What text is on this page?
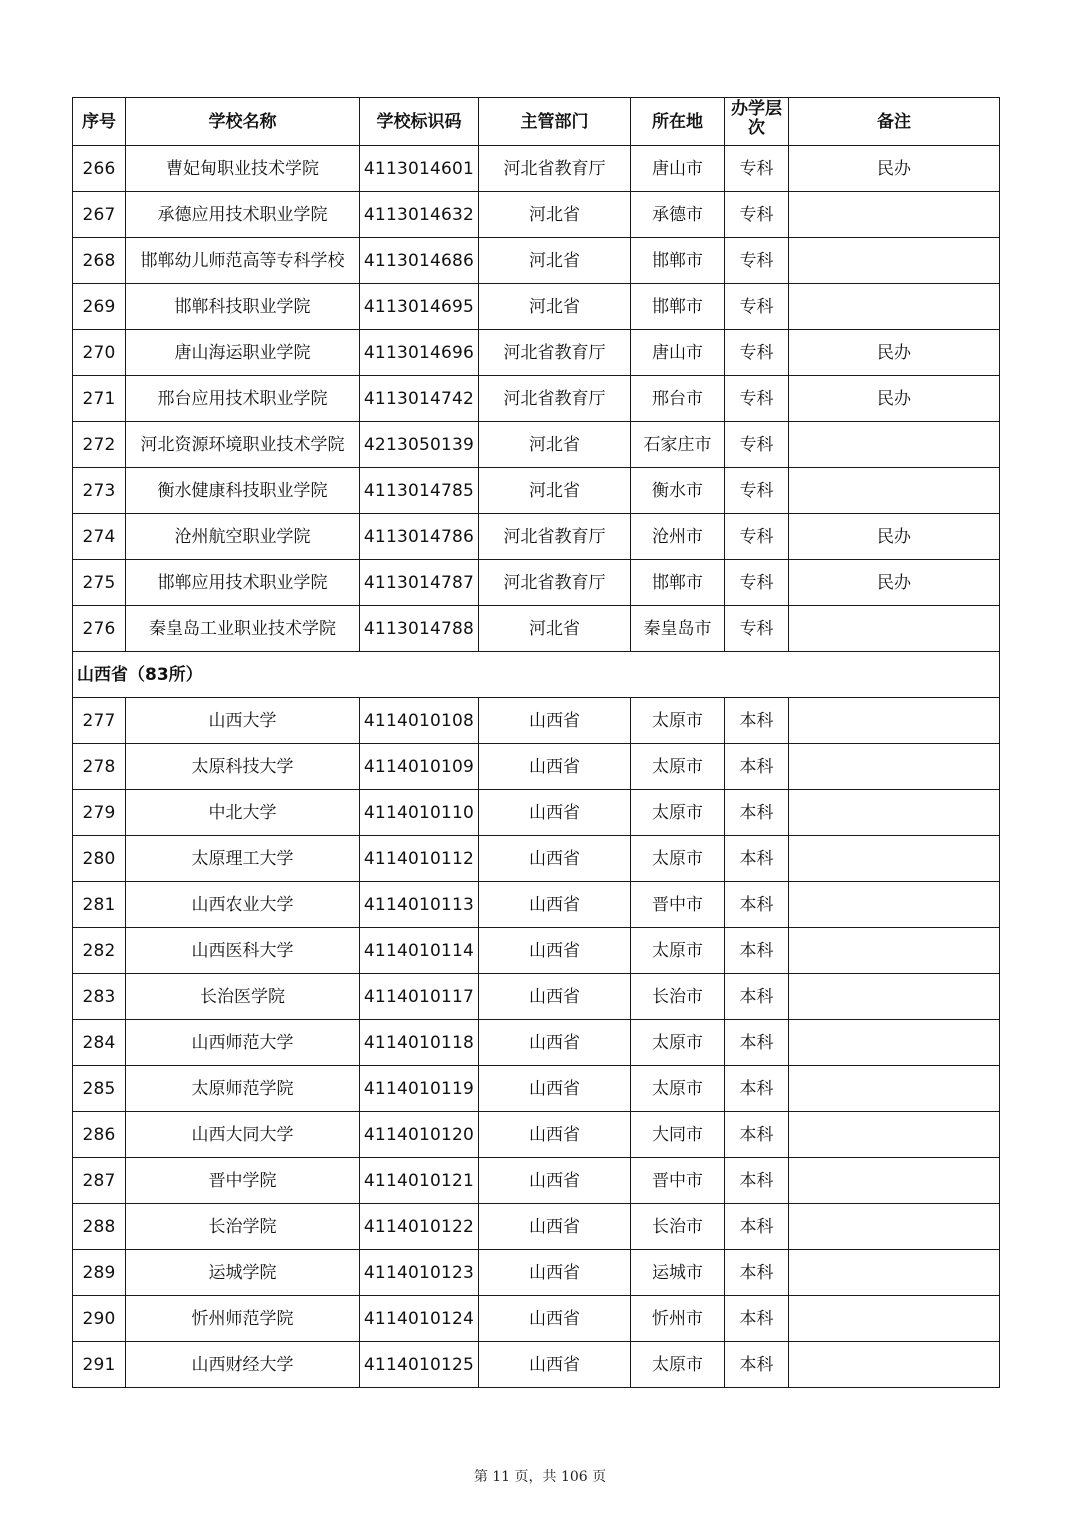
序号	学校名称	学校标识码	主管部门	所在地	办学层次	备注
266	曹妃甸职业技术学院	4113014601	河北省教育厅	唐山市	专科	民办
267	承德应用技术职业学院	4113014632	河北省	承德市	专科	
268	邯郸幼儿师范高等专科学校	4113014686	河北省	邯郸市	专科	
269	邯郸科技职业学院	4113014695	河北省	邯郸市	专科	
270	唐山海运职业学院	4113014696	河北省教育厅	唐山市	专科	民办
271	邢台应用技术职业学院	4113014742	河北省教育厅	邢台市	专科	民办
272	河北资源环境职业技术学院	4213050139	河北省	石家庄市	专科	
273	衡水健康科技职业学院	4113014785	河北省	衡水市	专科	
274	沧州航空职业学院	4113014786	河北省教育厅	沧州市	专科	民办
275	邯郸应用技术职业学院	4113014787	河北省教育厅	邯郸市	专科	民办
276	秦皇岛工业职业技术学院	4113014788	河北省	秦皇岛市	专科	
山西省（83所）						
277	山西大学	4114010108	山西省	太原市	本科	
278	太原科技大学	4114010109	山西省	太原市	本科	
279	中北大学	4114010110	山西省	太原市	本科	
280	太原理工大学	4114010112	山西省	太原市	本科	
281	山西农业大学	4114010113	山西省	晋中市	本科	
282	山西医科大学	4114010114	山西省	太原市	本科	
283	长治医学院	4114010117	山西省	长治市	本科	
284	山西师范大学	4114010118	山西省	太原市	本科	
285	太原师范学院	4114010119	山西省	太原市	本科	
286	山西大同大学	4114010120	山西省	大同市	本科	
287	晋中学院	4114010121	山西省	晋中市	本科	
288	长治学院	4114010122	山西省	长治市	本科	
289	运城学院	4114010123	山西省	运城市	本科	
290	忻州师范学院	4114010124	山西省	忻州市	本科	
291	山西财经大学	4114010125	山西省	太原市	本科	
第 11 页，共 106 页
